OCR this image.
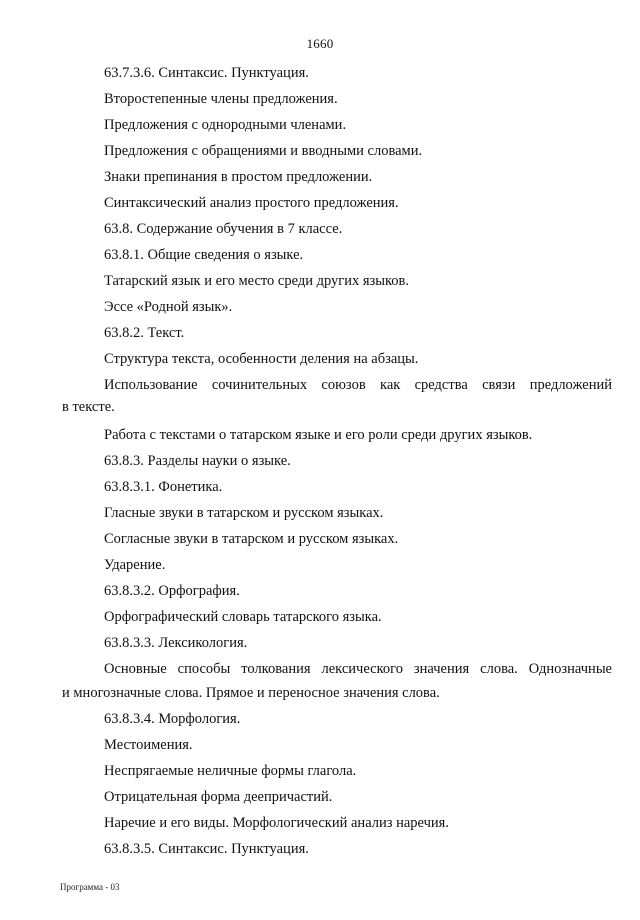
1660
63.7.3.6. Синтаксис. Пунктуация.
Второстепенные члены предложения.
Предложения с однородными членами.
Предложения с обращениями и вводными словами.
Знаки препинания в простом предложении.
Синтаксический анализ простого предложения.
63.8. Содержание обучения в 7 классе.
63.8.1. Общие сведения о языке.
Татарский язык и его место среди других языков.
Эссе «Родной язык».
63.8.2. Текст.
Структура текста, особенности деления на абзацы.
Использование сочинительных союзов как средства связи предложений
в тексте.
Работа с текстами о татарском языке и его роли среди других языков.
63.8.3. Разделы науки о языке.
63.8.3.1. Фонетика.
Гласные звуки в татарском и русском языках.
Согласные звуки в татарском и русском языках.
Ударение.
63.8.3.2. Орфография.
Орфографический словарь татарского языка.
63.8.3.3. Лексикология.
Основные способы толкования лексического значения слова. Однозначные
и многозначные слова. Прямое и переносное значения слова.
63.8.3.4. Морфология.
Местоимения.
Неспрягаемые неличные формы глагола.
Отрицательная форма деепричастий.
Наречие и его виды. Морфологический анализ наречия.
63.8.3.5. Синтаксис. Пунктуация.
Программа - 03
